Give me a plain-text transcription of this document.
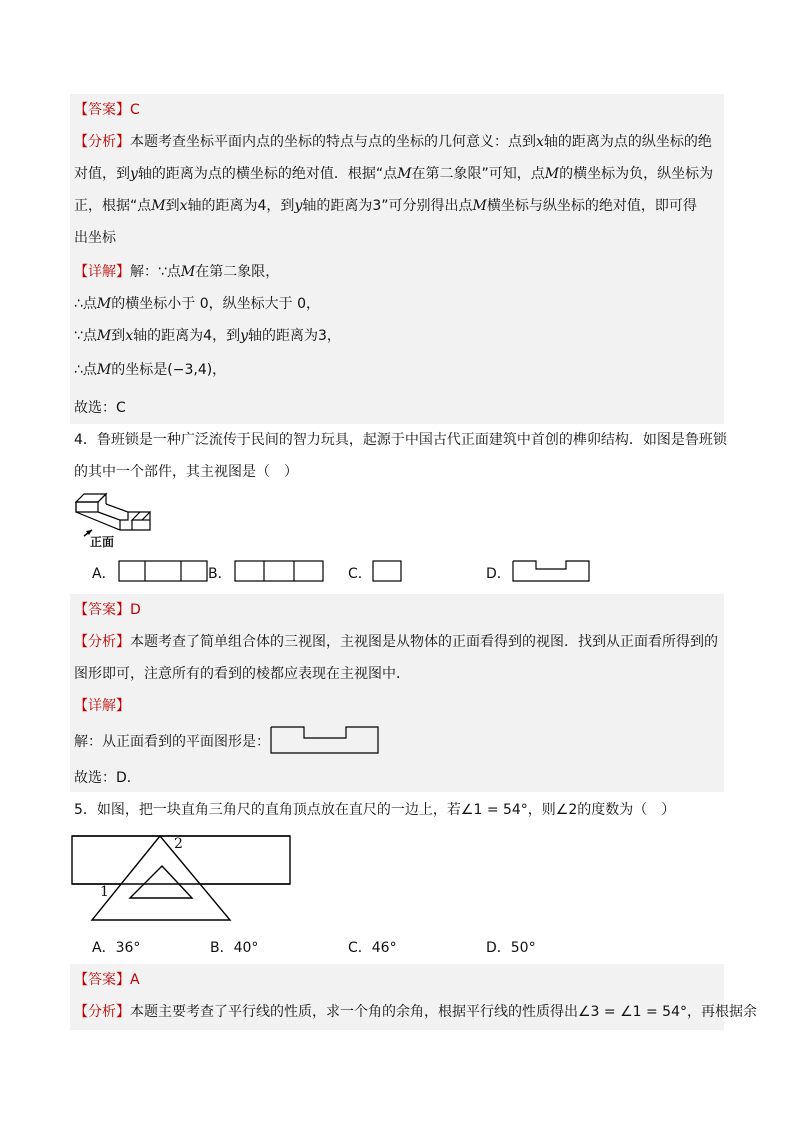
【答案】C
【分析】本题考查坐标平面内点的坐标的特点与点的坐标的几何意义：点到x轴的距离为点的纵坐标的绝
对值，到y轴的距离为点的横坐标的绝对值．根据“点M在第二象限”可知，点M的横坐标为负，纵坐标为
正，根据“点M到x轴的距离为4，到y轴的距离为3”可分别得出点M横坐标与纵坐标的绝对值，即可得
出坐标
【详解】解：∵点M在第二象限，
∴点M的横坐标小于 0，纵坐标大于 0，
∵点M到x轴的距离为4，到y轴的距离为3，
∴点M的坐标是(−3,4)，
故选：C
4．鲁班锁是一种广泛流传于民间的智力玩具，起源于中国古代正面建筑中首创的榫卯结构．如图是鲁班锁
的其中一个部件，其主视图是（　）
正面
A．	B．	C．	D．
【答案】D
【分析】本题考查了简单组合体的三视图，主视图是从物体的正面看得到的视图．找到从正面看所得到的
图形即可，注意所有的看到的棱都应表现在主视图中．
【详解】
解：从正面看到的平面图形是：
故选：D．
5．如图，把一块直角三角尺的直角顶点放在直尺的一边上，若∠1 = 54°，则∠2的度数为（　）
1
2
A．36°	B．40°	C．46°	D．50°
【答案】A
【分析】本题主要考查了平行线的性质，求一个角的余角，根据平行线的性质得出∠3 = ∠1 = 54°，再根据余
